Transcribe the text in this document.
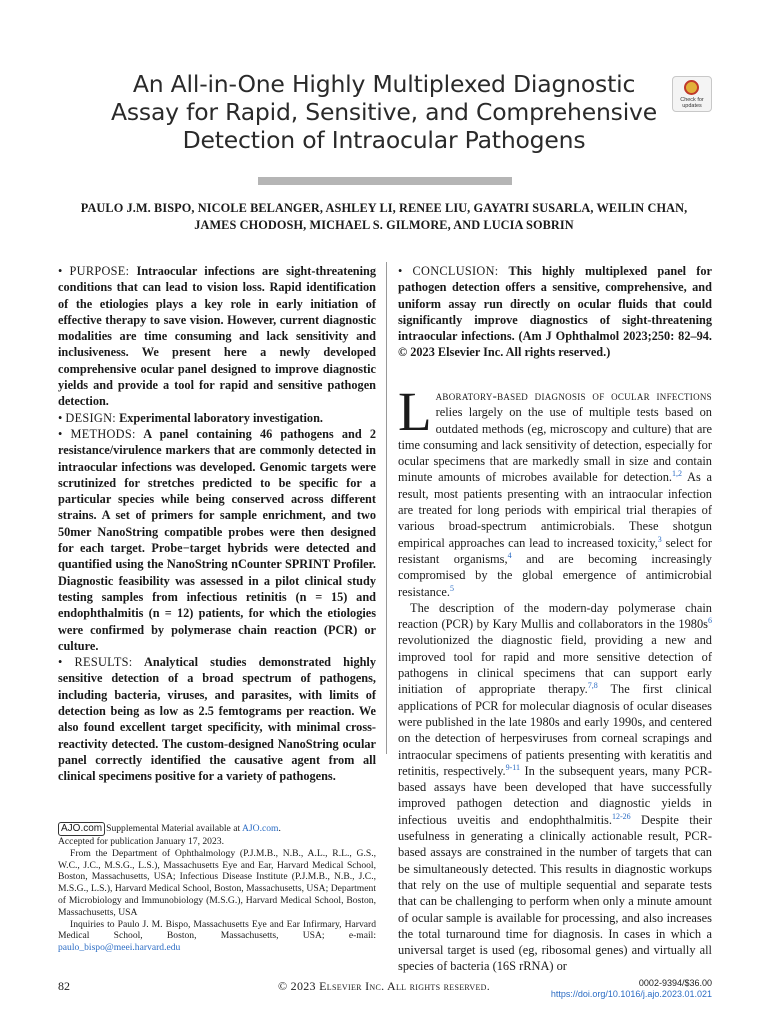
An All-in-One Highly Multiplexed Diagnostic
Assay for Rapid, Sensitive, and Comprehensive
Detection of Intraocular Pathogens
Check for
updates
PAULO J.M. BISPO, NICOLE BELANGER, ASHLEY LI, RENEE LIU, GAYATRI SUSARLA, WEILIN CHAN,
JAMES CHODOSH, MICHAEL S. GILMORE, AND LUCIA SOBRIN

• PURPOSE: Intraocular infections are sight-threatening conditions that can lead to vision loss. Rapid identification of the etiologies plays a key role in early initiation of effective therapy to save vision. However, current diagnostic modalities are time consuming and lack sensitivity and inclusiveness. We present here a newly developed comprehensive ocular panel designed to improve diagnostic yields and provide a tool for rapid and sensitive pathogen detection.

• DESIGN: Experimental laboratory investigation.

• METHODS: A panel containing 46 pathogens and 2 resistance/virulence markers that are commonly detected in intraocular infections was developed. Genomic targets were scrutinized for stretches predicted to be specific for a particular species while being conserved across different strains. A set of primers for sample enrichment, and two 50mer NanoString compatible probes were then designed for each target. Probe−target hybrids were detected and quantified using the NanoString nCounter SPRINT Profiler. Diagnostic feasibility was assessed in a pilot clinical study testing samples from infectious retinitis (n = 15) and endophthalmitis (n = 12) patients, for which the etiologies were confirmed by polymerase chain reaction (PCR) or culture.

• RESULTS: Analytical studies demonstrated highly sensitive detection of a broad spectrum of pathogens, including bacteria, viruses, and parasites, with limits of detection being as low as 2.5 femtograms per reaction. We also found excellent target specificity, with minimal cross-reactivity detected. The custom-designed NanoString ocular panel correctly identified the causative agent from all clinical specimens positive for a variety of pathogens.

• CONCLUSION: This highly multiplexed panel for pathogen detection offers a sensitive, comprehensive, and uniform assay run directly on ocular fluids that could significantly improve diagnostics of sight-threatening intraocular infections. (Am J Ophthalmol 2023;250: 82–94. © 2023 Elsevier Inc. All rights reserved.)

Laboratory-based diagnosis of ocular infections relies largely on the use of multiple tests based on outdated methods (eg, microscopy and culture) that are time consuming and lack sensitivity of detection, especially for ocular specimens that are markedly small in size and contain minute amounts of microbes available for detection.$^{1,2}$ As a result, most patients presenting with an intraocular infection are treated for long periods with empirical trial therapies of various broad-spectrum antimicrobials. These shotgun empirical approaches can lead to increased toxicity,$^3$ select for resistant organisms,$^4$ and are becoming increasingly compromised by the global emergence of antimicrobial resistance.$^5$

The description of the modern-day polymerase chain reaction (PCR) by Kary Mullis and collaborators in the $1980s^6$ revolutionized the diagnostic field, providing a new and improved tool for rapid and more sensitive detection of pathogens in clinical specimens that can support early initiation of appropriate therapy.$^{7,8}$ The first clinical applications of PCR for molecular diagnosis of ocular diseases were published in the late 1980s and early 1990s, and centered on the detection of herpesviruses from corneal scrapings and intraocular specimens of patients presenting with keratitis and retinitis, respectively.$^{9-11}$ In the subsequent years, many PCR-based assays have been developed that have successfully improved pathogen detection and diagnostic yields in infectious uveitis and endophthalmitis.$^{12-26}$ Despite their usefulness in generating a clinically actionable result, PCR-based assays are constrained in the number of targets that can be simultaneously detected. This results in diagnostic workups that rely on the use of multiple sequential and separate tests that can be challenging to perform when only a minute amount of ocular sample is available for processing, and also increases the total turnaround time for diagnosis. In cases in which a universal target is used (eg, ribosomal genes) and virtually all species of bacteria (16S rRNA) or

AJO.com Supplemental Material available at AJO.com.

Accepted for publication January 17, 2023.

From the Department of Ophthalmology (P.J.M.B., N.B., A.L., R.L., G.S., W.C., J.C., M.S.G., L.S.), Massachusetts Eye and Ear, Harvard Medical School, Boston, Massachusetts, USA; Infectious Disease Institute (P.J.M.B., N.B., J.C., M.S.G., L.S.), Harvard Medical School, Boston, Massachusetts, USA; Department of Microbiology and Immunobiology (M.S.G.), Harvard Medical School, Boston, Massachusetts, USA

Inquiries to Paulo J. M. Bispo, Massachusetts Eye and Ear Infirmary, Harvard Medical School, Boston, Massachusetts, USA; e-mail: paulo_bispo@meei.harvard.edu

82	© 2023 Elsevier Inc. All rights reserved.	0002-9394/$36.00
https://doi.org/10.1016/j.ajo.2023.01.021
